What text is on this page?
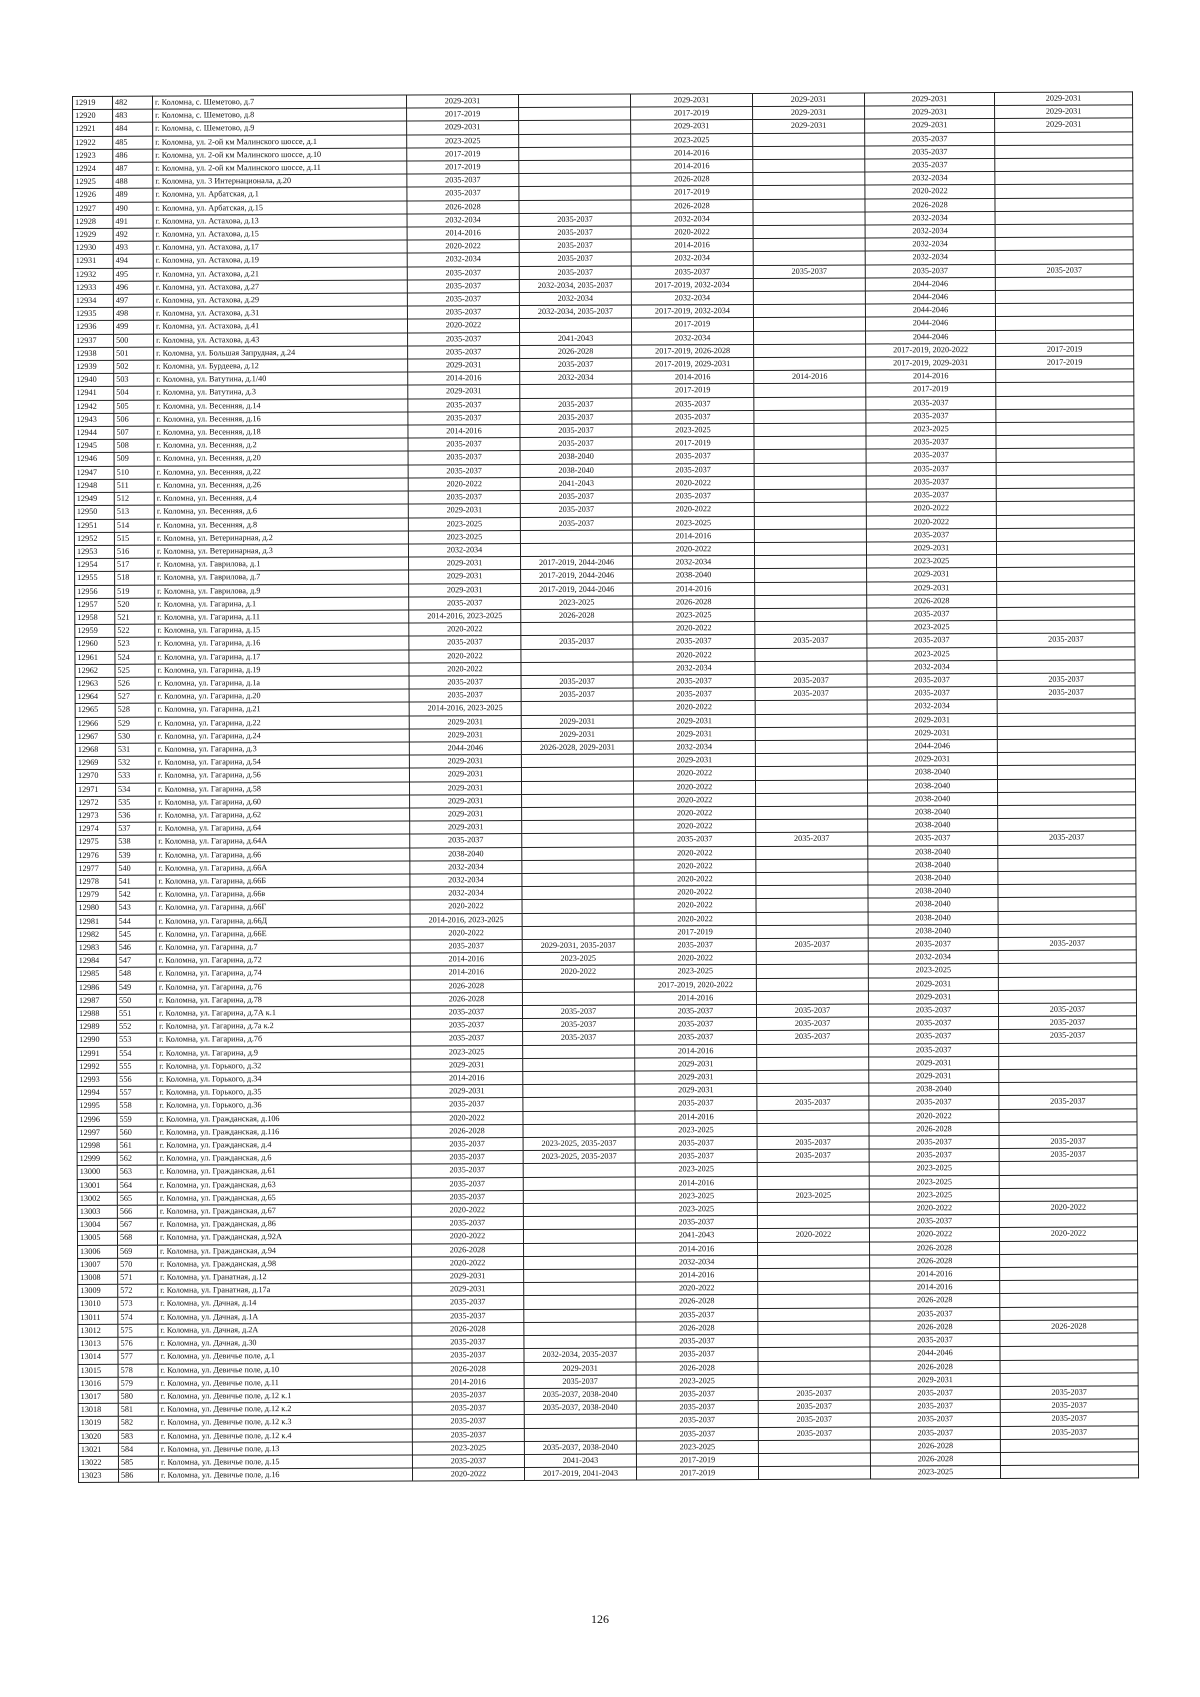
12919	482	г. Коломна, с. Шеметово, д.7	2029-2031		2029-2031	2029-2031	2029-2031	2029-2031
12920	483	г. Коломна, с. Шеметово, д.8	2017-2019		2017-2019	2029-2031	2029-2031	2029-2031
12921	484	г. Коломна, с. Шеметово, д.9	2029-2031		2029-2031	2029-2031	2029-2031	2029-2031
12922	485	г. Коломна, ул. 2-ой км Малинского шоссе, д.1	2023-2025		2023-2025		2035-2037	
12923	486	г. Коломна, ул. 2-ой км Малинского шоссе, д.10	2017-2019		2014-2016		2035-2037	
12924	487	г. Коломна, ул. 2-ой км Малинского шоссе, д.11	2017-2019		2014-2016		2035-2037	
12925	488	г. Коломна, ул. 3 Интернационала, д.20	2035-2037		2026-2028		2032-2034	
12926	489	г. Коломна, ул. Арбатская, д.1	2035-2037		2017-2019		2020-2022	
12927	490	г. Коломна, ул. Арбатская, д.15	2026-2028		2026-2028		2026-2028	
12928	491	г. Коломна, ул. Астахова, д.13	2032-2034	2035-2037	2032-2034		2032-2034	
12929	492	г. Коломна, ул. Астахова, д.15	2014-2016	2035-2037	2020-2022		2032-2034	
12930	493	г. Коломна, ул. Астахова, д.17	2020-2022	2035-2037	2014-2016		2032-2034	
12931	494	г. Коломна, ул. Астахова, д.19	2032-2034	2035-2037	2032-2034		2032-2034	
12932	495	г. Коломна, ул. Астахова, д.21	2035-2037	2035-2037	2035-2037	2035-2037	2035-2037	2035-2037
12933	496	г. Коломна, ул. Астахова, д.27	2035-2037	2032-2034, 2035-2037	2017-2019, 2032-2034		2044-2046	
12934	497	г. Коломна, ул. Астахова, д.29	2035-2037	2032-2034	2032-2034		2044-2046	
12935	498	г. Коломна, ул. Астахова, д.31	2035-2037	2032-2034, 2035-2037	2017-2019, 2032-2034		2044-2046	
12936	499	г. Коломна, ул. Астахова, д.41	2020-2022		2017-2019		2044-2046	
12937	500	г. Коломна, ул. Астахова, д.43	2035-2037	2041-2043	2032-2034		2044-2046	
12938	501	г. Коломна, ул. Большая Запрудная, д.24	2035-2037	2026-2028	2017-2019, 2026-2028		2017-2019, 2020-2022	2017-2019
12939	502	г. Коломна, ул. Бурдеева, д.12	2029-2031	2035-2037	2017-2019, 2029-2031		2017-2019, 2029-2031	2017-2019
12940	503	г. Коломна, ул. Ватутина, д.1/40	2014-2016	2032-2034	2014-2016	2014-2016	2014-2016	
12941	504	г. Коломна, ул. Ватутина, д.3	2029-2031		2017-2019		2017-2019	
12942	505	г. Коломна, ул. Весенняя, д.14	2035-2037	2035-2037	2035-2037		2035-2037	
12943	506	г. Коломна, ул. Весенняя, д.16	2035-2037	2035-2037	2035-2037		2035-2037	
12944	507	г. Коломна, ул. Весенняя, д.18	2014-2016	2035-2037	2023-2025		2023-2025	
12945	508	г. Коломна, ул. Весенняя, д.2	2035-2037	2035-2037	2017-2019		2035-2037	
12946	509	г. Коломна, ул. Весенняя, д.20	2035-2037	2038-2040	2035-2037		2035-2037	
12947	510	г. Коломна, ул. Весенняя, д.22	2035-2037	2038-2040	2035-2037		2035-2037	
12948	511	г. Коломна, ул. Весенняя, д.26	2020-2022	2041-2043	2020-2022		2035-2037	
12949	512	г. Коломна, ул. Весенняя, д.4	2035-2037	2035-2037	2035-2037		2035-2037	
12950	513	г. Коломна, ул. Весенняя, д.6	2029-2031	2035-2037	2020-2022		2020-2022	
12951	514	г. Коломна, ул. Весенняя, д.8	2023-2025	2035-2037	2023-2025		2020-2022	
12952	515	г. Коломна, ул. Ветеринарная, д.2	2023-2025		2014-2016		2035-2037	
12953	516	г. Коломна, ул. Ветеринарная, д.3	2032-2034		2020-2022		2029-2031	
12954	517	г. Коломна, ул. Гаврилова, д.1	2029-2031	2017-2019, 2044-2046	2032-2034		2023-2025	
12955	518	г. Коломна, ул. Гаврилова, д.7	2029-2031	2017-2019, 2044-2046	2038-2040		2029-2031	
12956	519	г. Коломна, ул. Гаврилова, д.9	2029-2031	2017-2019, 2044-2046	2014-2016		2029-2031	
12957	520	г. Коломна, ул. Гагарина, д.1	2035-2037	2023-2025	2026-2028		2026-2028	
12958	521	г. Коломна, ул. Гагарина, д.11	2014-2016, 2023-2025	2026-2028	2023-2025		2035-2037	
12959	522	г. Коломна, ул. Гагарина, д.15	2020-2022		2020-2022		2023-2025	
12960	523	г. Коломна, ул. Гагарина, д.16	2035-2037	2035-2037	2035-2037	2035-2037	2035-2037	2035-2037
12961	524	г. Коломна, ул. Гагарина, д.17	2020-2022		2020-2022		2023-2025	
12962	525	г. Коломна, ул. Гагарина, д.19	2020-2022		2032-2034		2032-2034	
12963	526	г. Коломна, ул. Гагарина, д.1а	2035-2037	2035-2037	2035-2037	2035-2037	2035-2037	2035-2037
12964	527	г. Коломна, ул. Гагарина, д.20	2035-2037	2035-2037	2035-2037	2035-2037	2035-2037	2035-2037
12965	528	г. Коломна, ул. Гагарина, д.21	2014-2016, 2023-2025		2020-2022		2032-2034	
12966	529	г. Коломна, ул. Гагарина, д.22	2029-2031	2029-2031	2029-2031		2029-2031	
12967	530	г. Коломна, ул. Гагарина, д.24	2029-2031	2029-2031	2029-2031		2029-2031	
12968	531	г. Коломна, ул. Гагарина, д.3	2044-2046	2026-2028, 2029-2031	2032-2034		2044-2046	
12969	532	г. Коломна, ул. Гагарина, д.54	2029-2031		2029-2031		2029-2031	
12970	533	г. Коломна, ул. Гагарина, д.56	2029-2031		2020-2022		2038-2040	
12971	534	г. Коломна, ул. Гагарина, д.58	2029-2031		2020-2022		2038-2040	
12972	535	г. Коломна, ул. Гагарина, д.60	2029-2031		2020-2022		2038-2040	
12973	536	г. Коломна, ул. Гагарина, д.62	2029-2031		2020-2022		2038-2040	
12974	537	г. Коломна, ул. Гагарина, д.64	2029-2031		2020-2022		2038-2040	
12975	538	г. Коломна, ул. Гагарина, д.64А	2035-2037		2035-2037	2035-2037	2035-2037	2035-2037
12976	539	г. Коломна, ул. Гагарина, д.66	2038-2040		2020-2022		2038-2040	
12977	540	г. Коломна, ул. Гагарина, д.66А	2032-2034		2020-2022		2038-2040	
12978	541	г. Коломна, ул. Гагарина, д.66Б	2032-2034		2020-2022		2038-2040	
12979	542	г. Коломна, ул. Гагарина, д.66в	2032-2034		2020-2022		2038-2040	
12980	543	г. Коломна, ул. Гагарина, д.66Г	2020-2022		2020-2022		2038-2040	
12981	544	г. Коломна, ул. Гагарина, д.66Д	2014-2016, 2023-2025		2020-2022		2038-2040	
12982	545	г. Коломна, ул. Гагарина, д.66Е	2020-2022		2017-2019		2038-2040	
12983	546	г. Коломна, ул. Гагарина, д.7	2035-2037	2029-2031, 2035-2037	2035-2037	2035-2037	2035-2037	2035-2037
12984	547	г. Коломна, ул. Гагарина, д.72	2014-2016	2023-2025	2020-2022		2032-2034	
12985	548	г. Коломна, ул. Гагарина, д.74	2014-2016	2020-2022	2023-2025		2023-2025	
12986	549	г. Коломна, ул. Гагарина, д.76	2026-2028		2017-2019, 2020-2022		2029-2031	
12987	550	г. Коломна, ул. Гагарина, д.78	2026-2028		2014-2016		2029-2031	
12988	551	г. Коломна, ул. Гагарина, д.7А к.1	2035-2037	2035-2037	2035-2037	2035-2037	2035-2037	2035-2037
12989	552	г. Коломна, ул. Гагарина, д.7а к.2	2035-2037	2035-2037	2035-2037	2035-2037	2035-2037	2035-2037
12990	553	г. Коломна, ул. Гагарина, д.7б	2035-2037	2035-2037	2035-2037	2035-2037	2035-2037	2035-2037
12991	554	г. Коломна, ул. Гагарина, д.9	2023-2025		2014-2016		2035-2037	
12992	555	г. Коломна, ул. Горького, д.32	2029-2031		2029-2031		2029-2031	
12993	556	г. Коломна, ул. Горького, д.34	2014-2016		2029-2031		2029-2031	
12994	557	г. Коломна, ул. Горького, д.35	2029-2031		2029-2031		2038-2040	
12995	558	г. Коломна, ул. Горького, д.36	2035-2037		2035-2037	2035-2037	2035-2037	2035-2037
12996	559	г. Коломна, ул. Гражданская, д.106	2020-2022		2014-2016		2020-2022	
12997	560	г. Коломна, ул. Гражданская, д.116	2026-2028		2023-2025		2026-2028	
12998	561	г. Коломна, ул. Гражданская, д.4	2035-2037	2023-2025, 2035-2037	2035-2037	2035-2037	2035-2037	2035-2037
12999	562	г. Коломна, ул. Гражданская, д.6	2035-2037	2023-2025, 2035-2037	2035-2037	2035-2037	2035-2037	2035-2037
13000	563	г. Коломна, ул. Гражданская, д.61	2035-2037		2023-2025		2023-2025	
13001	564	г. Коломна, ул. Гражданская, д.63	2035-2037		2014-2016		2023-2025	
13002	565	г. Коломна, ул. Гражданская, д.65	2035-2037		2023-2025	2023-2025	2023-2025	
13003	566	г. Коломна, ул. Гражданская, д.67	2020-2022		2023-2025		2020-2022	2020-2022
13004	567	г. Коломна, ул. Гражданская, д.86	2035-2037		2035-2037		2035-2037	
13005	568	г. Коломна, ул. Гражданская, д.92А	2020-2022		2041-2043	2020-2022	2020-2022	2020-2022
13006	569	г. Коломна, ул. Гражданская, д.94	2026-2028		2014-2016		2026-2028	
13007	570	г. Коломна, ул. Гражданская, д.98	2020-2022		2032-2034		2026-2028	
13008	571	г. Коломна, ул. Гранатная, д.12	2029-2031		2014-2016		2014-2016	
13009	572	г. Коломна, ул. Гранатная, д.17а	2029-2031		2020-2022		2014-2016	
13010	573	г. Коломна, ул. Дачная, д.14	2035-2037		2026-2028		2026-2028	
13011	574	г. Коломна, ул. Дачная, д.1А	2035-2037		2035-2037		2035-2037	
13012	575	г. Коломна, ул. Дачная, д.2А	2026-2028		2026-2028		2026-2028	2026-2028
13013	576	г. Коломна, ул. Дачная, д.30	2035-2037		2035-2037		2035-2037	
13014	577	г. Коломна, ул. Девичье поле, д.1	2035-2037	2032-2034, 2035-2037	2035-2037		2044-2046	
13015	578	г. Коломна, ул. Девичье поле, д.10	2026-2028	2029-2031	2026-2028		2026-2028	
13016	579	г. Коломна, ул. Девичье поле, д.11	2014-2016	2035-2037	2023-2025		2029-2031	
13017	580	г. Коломна, ул. Девичье поле, д.12 к.1	2035-2037	2035-2037, 2038-2040	2035-2037	2035-2037	2035-2037	2035-2037
13018	581	г. Коломна, ул. Девичье поле, д.12 к.2	2035-2037	2035-2037, 2038-2040	2035-2037	2035-2037	2035-2037	2035-2037
13019	582	г. Коломна, ул. Девичье поле, д.12 к.3	2035-2037		2035-2037	2035-2037	2035-2037	2035-2037
13020	583	г. Коломна, ул. Девичье поле, д.12 к.4	2035-2037		2035-2037	2035-2037	2035-2037	2035-2037
13021	584	г. Коломна, ул. Девичье поле, д.13	2023-2025	2035-2037, 2038-2040	2023-2025		2026-2028	
13022	585	г. Коломна, ул. Девичье поле, д.15	2035-2037	2041-2043	2017-2019		2026-2028	
13023	586	г. Коломна, ул. Девичье поле, д.16	2020-2022	2017-2019, 2041-2043	2017-2019		2023-2025	
126
